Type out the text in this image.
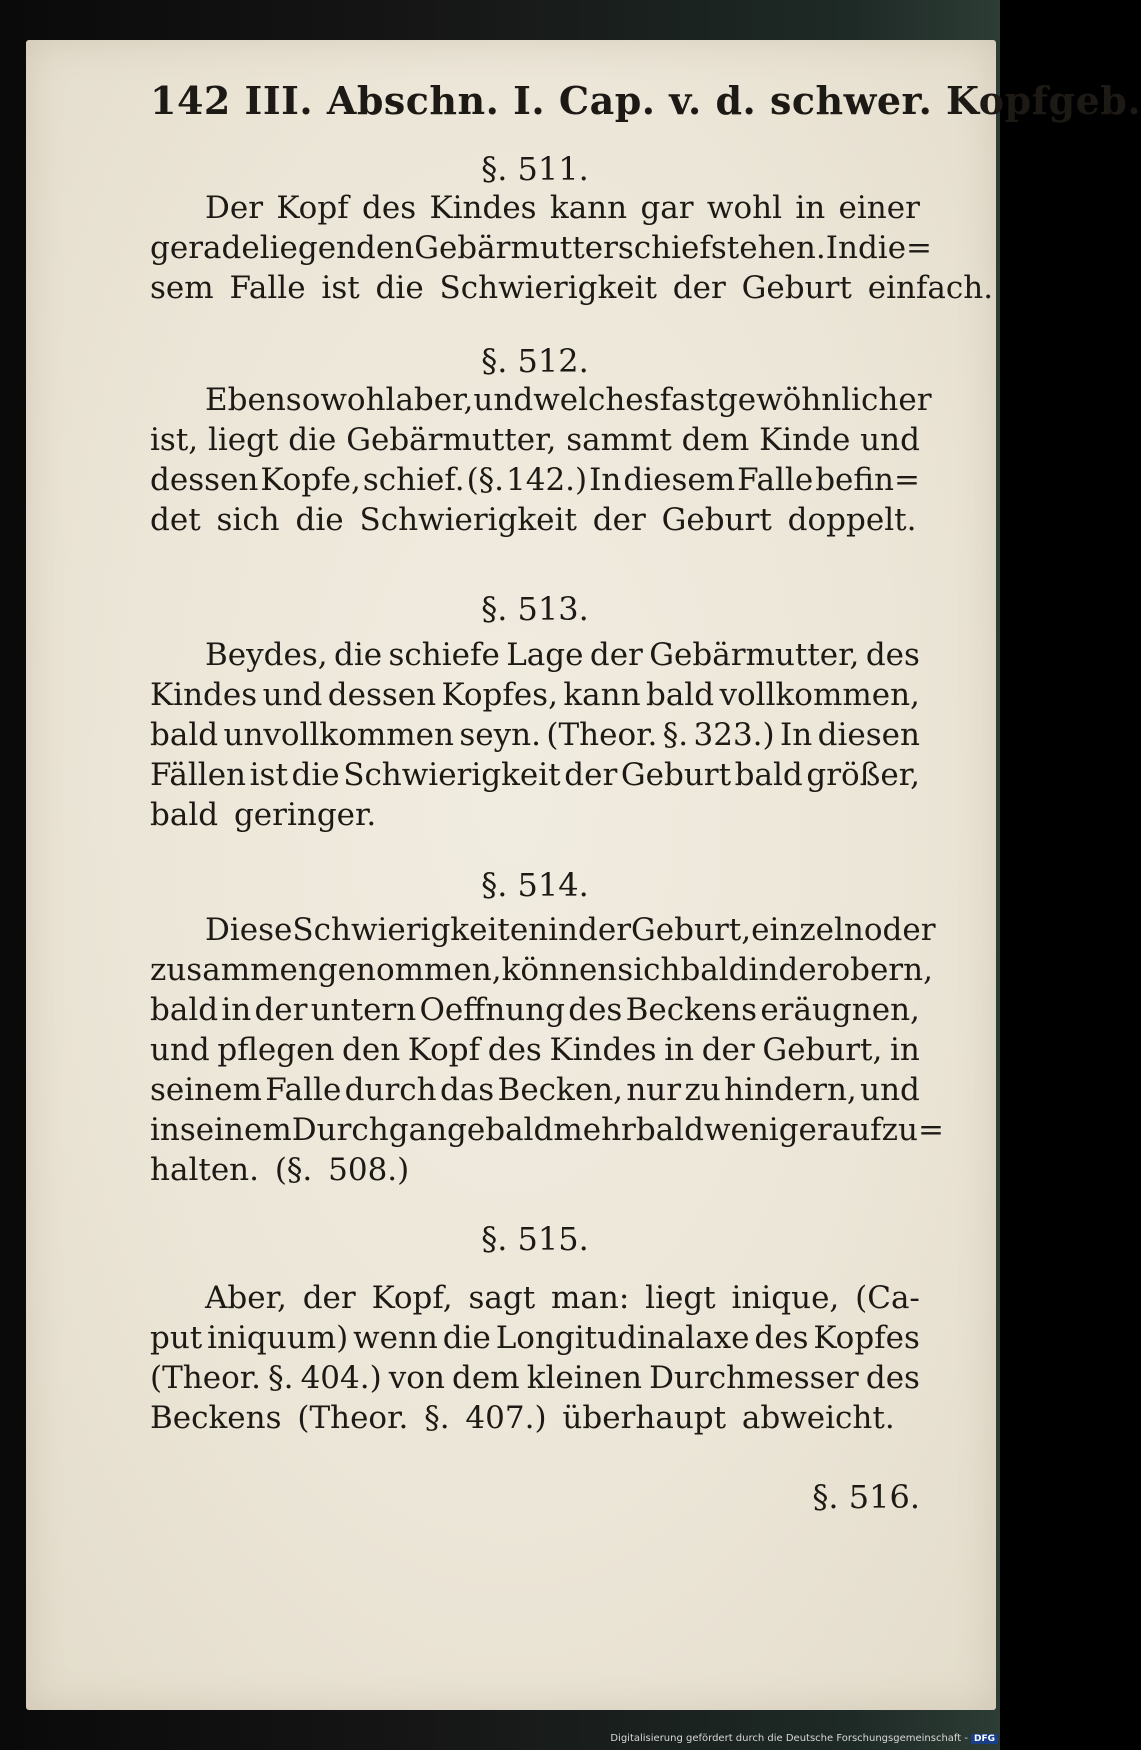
142 III. Abschn. I. Cap. v. d. schwer. Kopfgeb.
§. 511.
Der Kopf des Kindes kann gar wohl in einer
gerade liegenden Gebärmutter schief stehen. In die=
sem Falle ist die Schwierigkeit der Geburt einfach.
§. 512.
Eben sowohl aber, und welches fast gewöhnlicher
ist, liegt die Gebärmutter, sammt dem Kinde und
dessen Kopfe, schief. (§. 142.) In diesem Falle befin=
det sich die Schwierigkeit der Geburt doppelt.
§. 513.
Beydes, die schiefe Lage der Gebärmutter, des
Kindes und dessen Kopfes, kann bald vollkommen,
bald unvollkommen seyn. (Theor. §. 323.) In diesen
Fällen ist die Schwierigkeit der Geburt bald größer,
bald geringer.
§. 514.
Diese Schwierigkeiten in der Geburt, einzeln oder
zusammen genommen, können sich bald in der obern,
bald in der untern Oeffnung des Beckens eräugnen,
und pflegen den Kopf des Kindes in der Geburt, in
seinem Falle durch das Becken, nur zu hindern, und
in seinem Durchgange bald mehr bald weniger aufzu=
halten. (§. 508.)
§. 515.
Aber, der Kopf, sagt man: liegt inique, (Ca-
put iniquum) wenn die Longitudinalaxe des Kopfes
(Theor. §. 404.) von dem kleinen Durchmesser des
Beckens (Theor. §. 407.) überhaupt abweicht.
§. 516.
Digitalisierung gefördert durch die Deutsche Forschungsgemeinschaft - DFG
